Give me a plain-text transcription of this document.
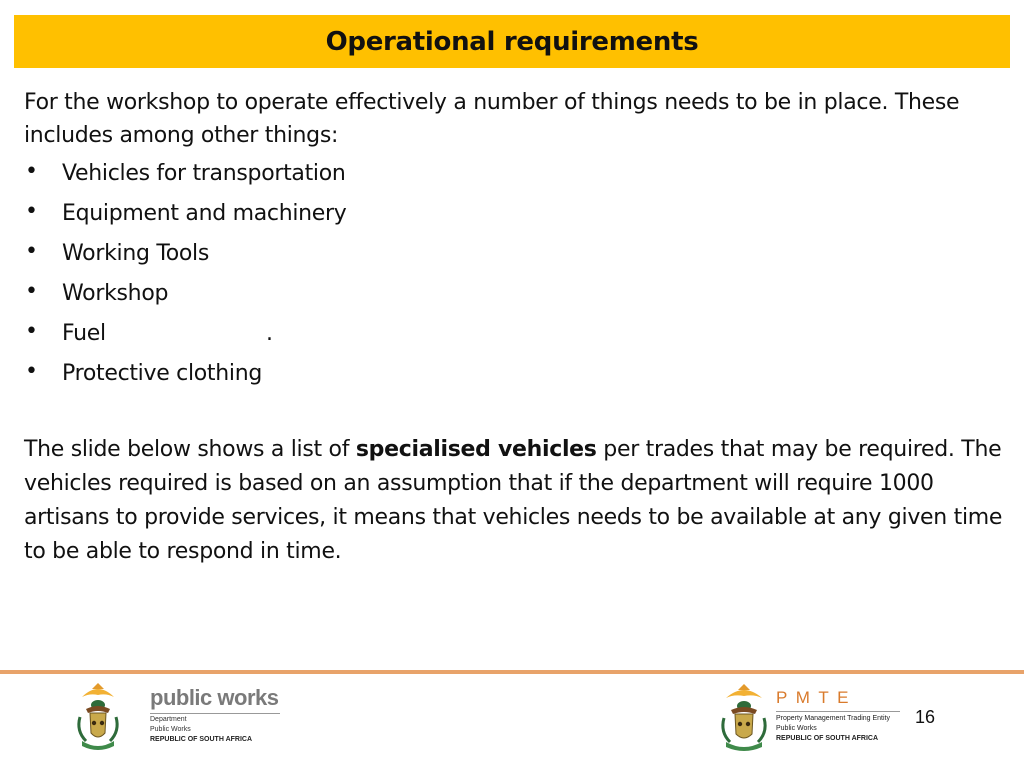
Operational requirements

For the workshop to operate effectively a number of things needs to be in place. These includes among other things:

• Vehicles for transportation
• Equipment and machinery
• Working Tools
• Workshop
• Fuel	.
• Protective clothing

The slide below shows a list of specialised vehicles per trades that may be required. The vehicles required is based on an assumption that if the department will require 1000 artisans to provide services, it means that vehicles needs to be available at any given time to be able to respond in time.

public works
Department
Public Works
REPUBLIC OF SOUTH AFRICA
P M T E
Property Management Trading Entity
Public Works
REPUBLIC OF SOUTH AFRICA
16
